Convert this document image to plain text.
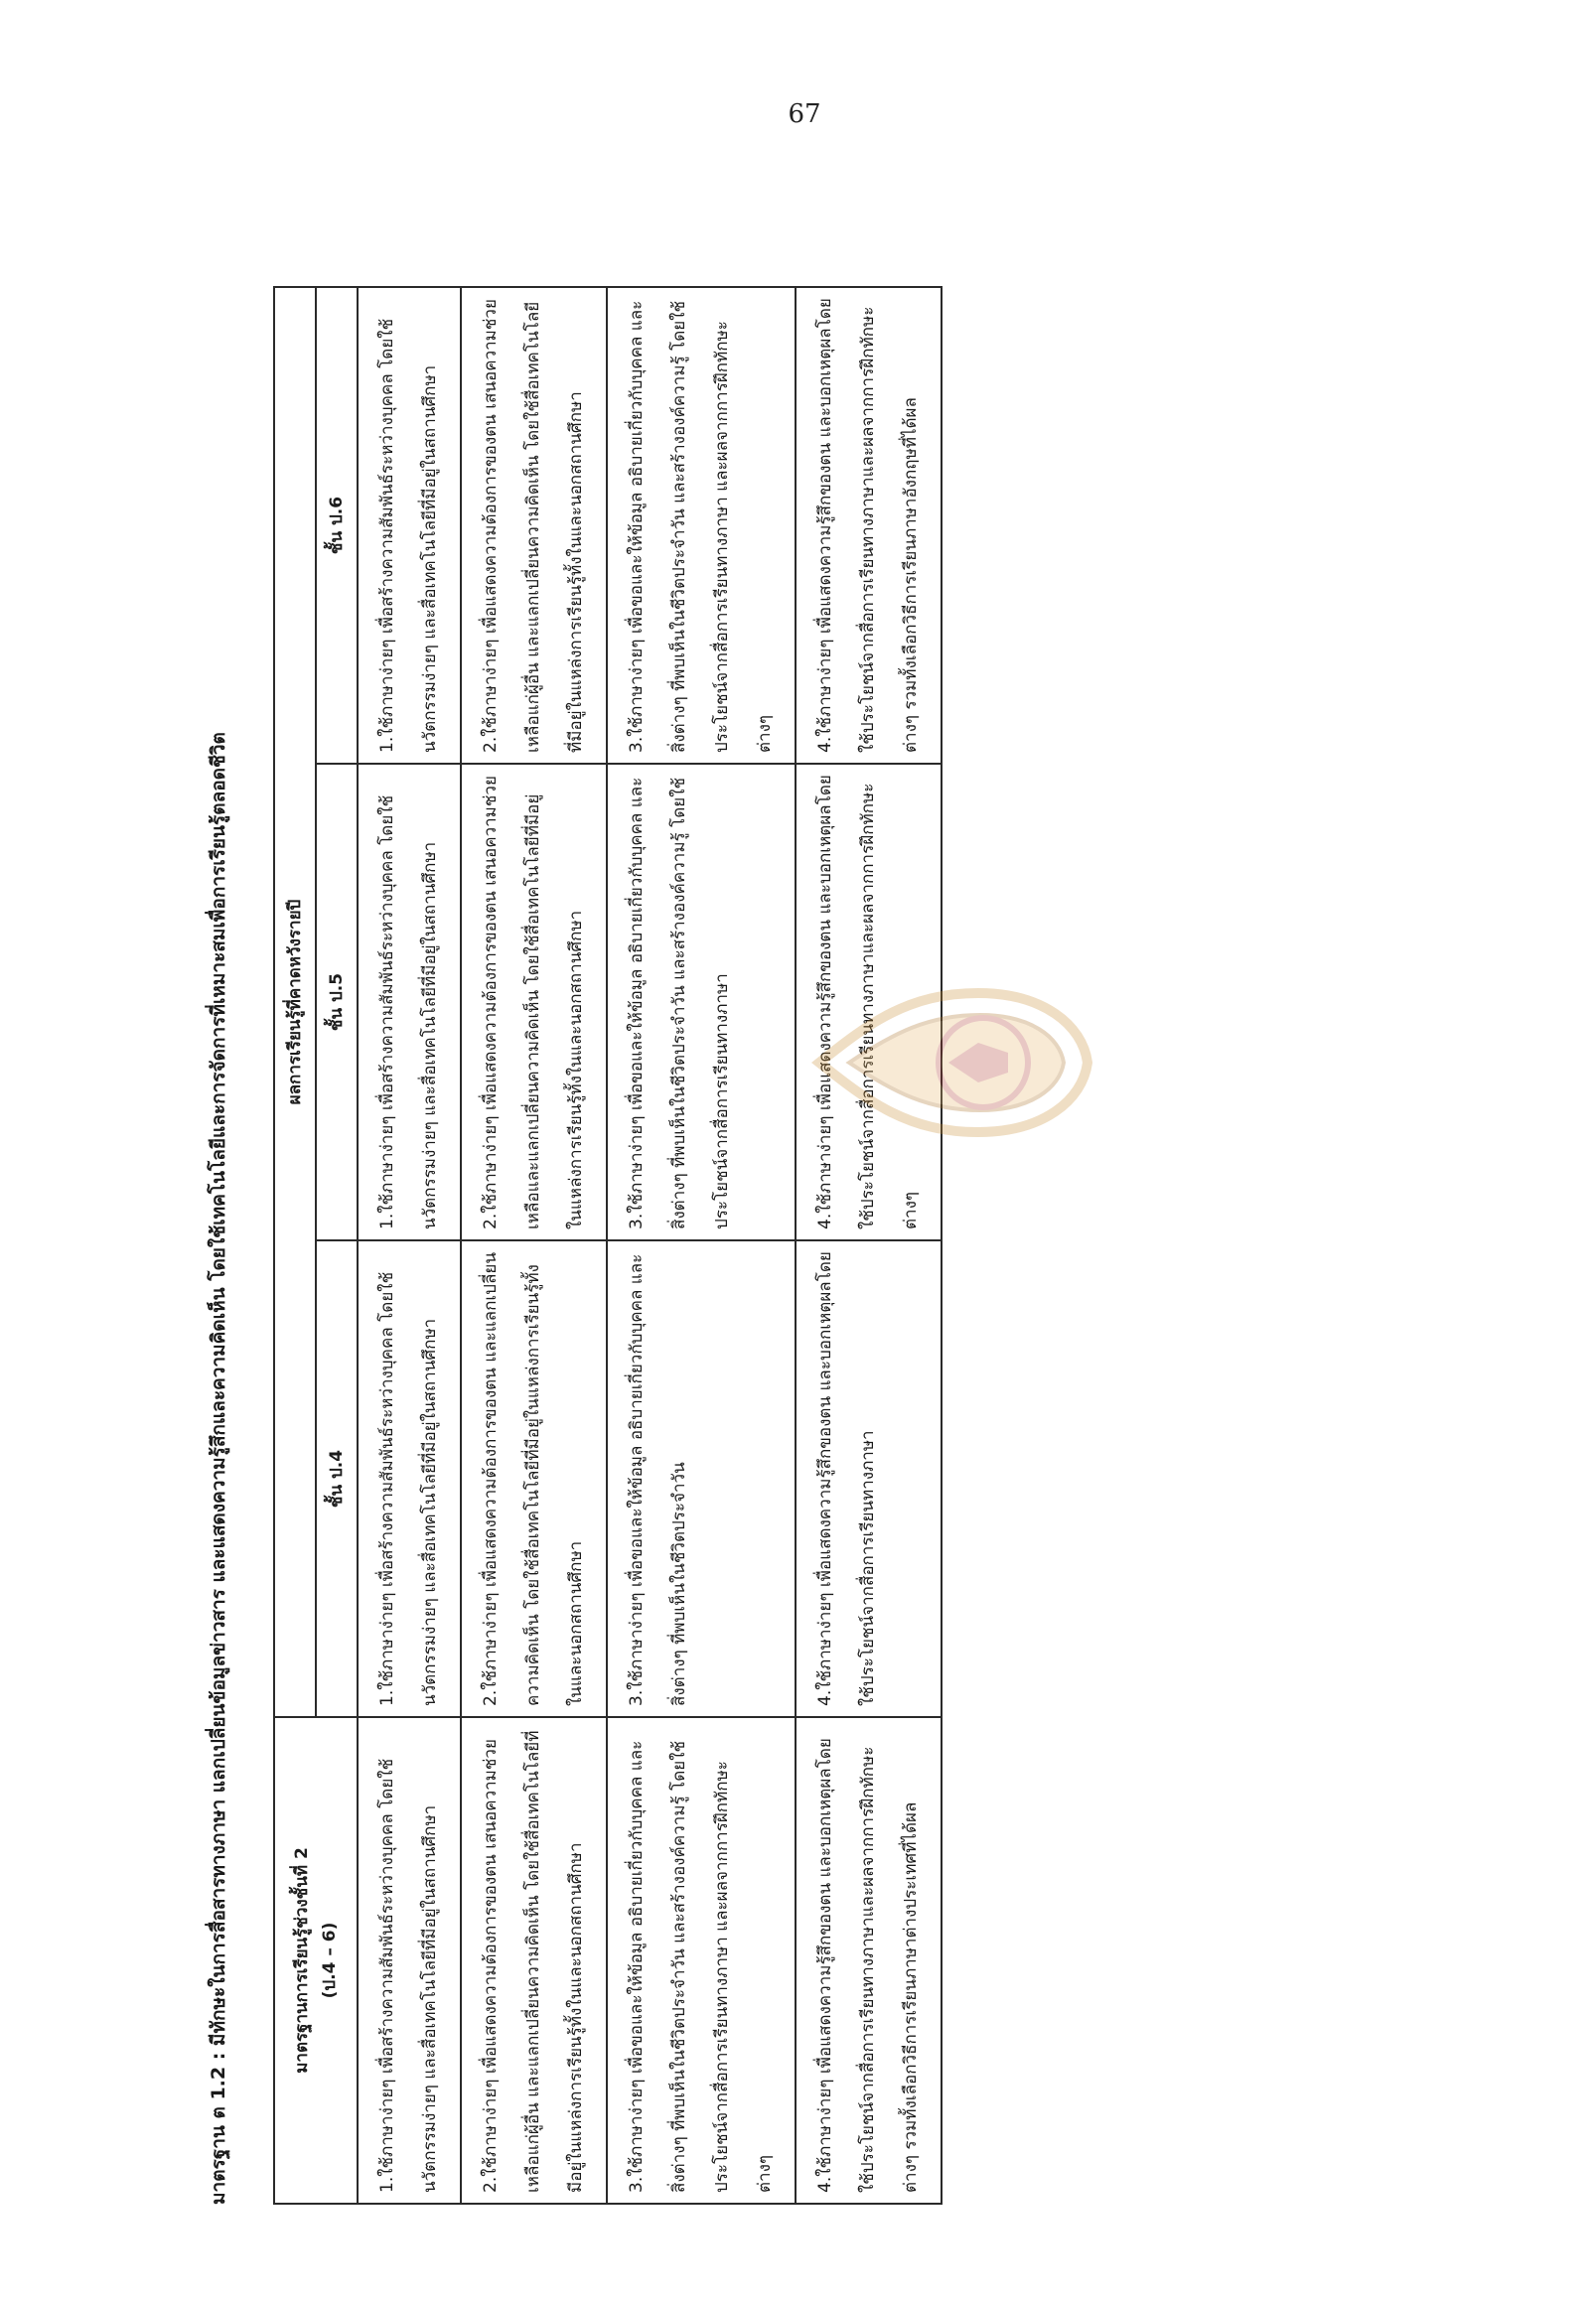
67
มาตรฐาน ต 1.2 : มีทักษะในการสื่อสารทางภาษา แลกเปลี่ยนข้อมูลข่าวสาร และแสดงความรู้สึกและความคิดเห็น โดยใช้เทคโนโลยีและการจัดการที่เหมาะสมเพื่อการเรียนรู้ตลอดชีวิต	มาตรฐานการเรียนรู้ช่วงชั้นที่ 2 (ป.4 – 6)	ผลการเรียนรู้ที่คาดหวังรายปี		
	ชั้น ป.4	ชั้น ป.5	ชั้น ป.6
1.ใช้ภาษาง่ายๆ เพื่อสร้างความสัมพันธ์ระหว่างบุคคล โดยใช้นวัตกรรมง่ายๆ และสื่อเทคโนโลยีที่มีอยู่ในสถานศึกษา	1.ใช้ภาษาง่ายๆ เพื่อสร้างความสัมพันธ์ระหว่างบุคคล โดยใช้นวัตกรรมง่ายๆ และสื่อเทคโนโลยีที่มีอยู่ในสถานศึกษา	1.ใช้ภาษาง่ายๆ เพื่อสร้างความสัมพันธ์ระหว่างบุคคล โดยใช้นวัตกรรมง่ายๆ และสื่อเทคโนโลยีที่มีอยู่ในสถานศึกษา	1.ใช้ภาษาง่ายๆ เพื่อสร้างความสัมพันธ์ระหว่างบุคคล โดยใช้นวัตกรรมง่ายๆ และสื่อเทคโนโลยีที่มีอยู่ในสถานศึกษา
2.ใช้ภาษาง่ายๆ เพื่อแสดงความต้องการของตน เสนอความช่วยเหลือแก่ผู้อื่น และแลกเปลี่ยนความคิดเห็น โดยใช้สื่อเทคโนโลยีที่มีอยู่ในแหล่งการเรียนรู้ทั้งในและนอกสถานศึกษา	2.ใช้ภาษาง่ายๆ เพื่อแสดงความต้องการของตน และแลกเปลี่ยนความคิดเห็น โดยใช้สื่อเทคโนโลยีที่มีอยู่ในแหล่งการเรียนรู้ทั้งในและนอกสถานศึกษา	2.ใช้ภาษาง่ายๆ เพื่อแสดงความต้องการของตน เสนอความช่วยเหลือและแลกเปลี่ยนความคิดเห็น โดยใช้สื่อเทคโนโลยีที่มีอยู่ในแหล่งการเรียนรู้ทั้งในและนอกสถานศึกษา	2.ใช้ภาษาง่ายๆ เพื่อแสดงความต้องการของตน เสนอความช่วยเหลือแก่ผู้อื่น และแลกเปลี่ยนความคิดเห็น โดยใช้สื่อเทคโนโลยีที่มีอยู่ในแหล่งการเรียนรู้ทั้งในและนอกสถานศึกษา
3.ใช้ภาษาง่ายๆ เพื่อขอและให้ข้อมูล อธิบายเกี่ยวกับบุคคล และสิ่งต่างๆ ที่พบเห็นในชีวิตประจำวัน และสร้างองค์ความรู้ โดยใช้ประโยชน์จากสื่อการเรียนทางภาษา และผลจากการฝึกทักษะต่างๆ	3.ใช้ภาษาง่ายๆ เพื่อขอและให้ข้อมูล อธิบายเกี่ยวกับบุคคล และสิ่งต่างๆ ที่พบเห็นในชีวิตประจำวัน	3.ใช้ภาษาง่ายๆ เพื่อขอและให้ข้อมูล อธิบายเกี่ยวกับบุคคล และสิ่งต่างๆ ที่พบเห็นในชีวิตประจำวัน และสร้างองค์ความรู้ โดยใช้ประโยชน์จากสื่อการเรียนทางภาษา	3.ใช้ภาษาง่ายๆ เพื่อขอและให้ข้อมูล อธิบายเกี่ยวกับบุคคล และสิ่งต่างๆ ที่พบเห็นในชีวิตประจำวัน และสร้างองค์ความรู้ โดยใช้ประโยชน์จากสื่อการเรียนทางภาษา และผลจากการฝึกทักษะต่างๆ
4.ใช้ภาษาง่ายๆ เพื่อแสดงความรู้สึกของตน และบอกเหตุผลโดยใช้ประโยชน์จากสื่อการเรียนทางภาษาและผลจากการฝึกทักษะต่างๆ รวมทั้งเลือกวิธีการเรียนภาษาต่างประเทศที่ได้ผล	4.ใช้ภาษาง่ายๆ เพื่อแสดงความรู้สึกของตน และบอกเหตุผลโดยใช้ประโยชน์จากสื่อการเรียนทางภาษา	4.ใช้ภาษาง่ายๆ เพื่อแสดงความรู้สึกของตน และบอกเหตุผลโดยใช้ประโยชน์จากสื่อการเรียนทางภาษาและผลจากการฝึกทักษะต่างๆ	4.ใช้ภาษาง่ายๆ เพื่อแสดงความรู้สึกของตน และบอกเหตุผลโดยใช้ประโยชน์จากสื่อการเรียนทางภาษาและผลจากการฝึกทักษะต่างๆ รวมทั้งเลือกวิธีการเรียนภาษาอังกฤษที่ได้ผล
